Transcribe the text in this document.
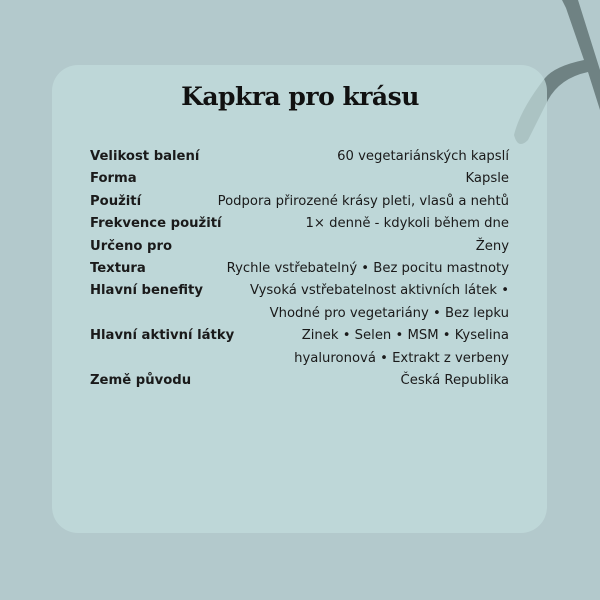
Kapkra pro krásu
Velikost balení	60 vegetariánských kapslí
Forma	Kapsle
Použití	Podpora přirozené krásy pleti, vlasů a nehtů
Frekvence použití	1× denně - kdykoli během dne
Určeno pro	Ženy
Textura	Rychle vstřebatelný • Bez pocitu mastnoty
Hlavní benefity	Vysoká vstřebatelnost aktivních látek •
Vhodné pro vegetariány • Bez lepku
Hlavní aktivní látky	Zinek • Selen • MSM • Kyselina
hyaluronová • Extrakt z verbeny
Země původu	Česká Republika
